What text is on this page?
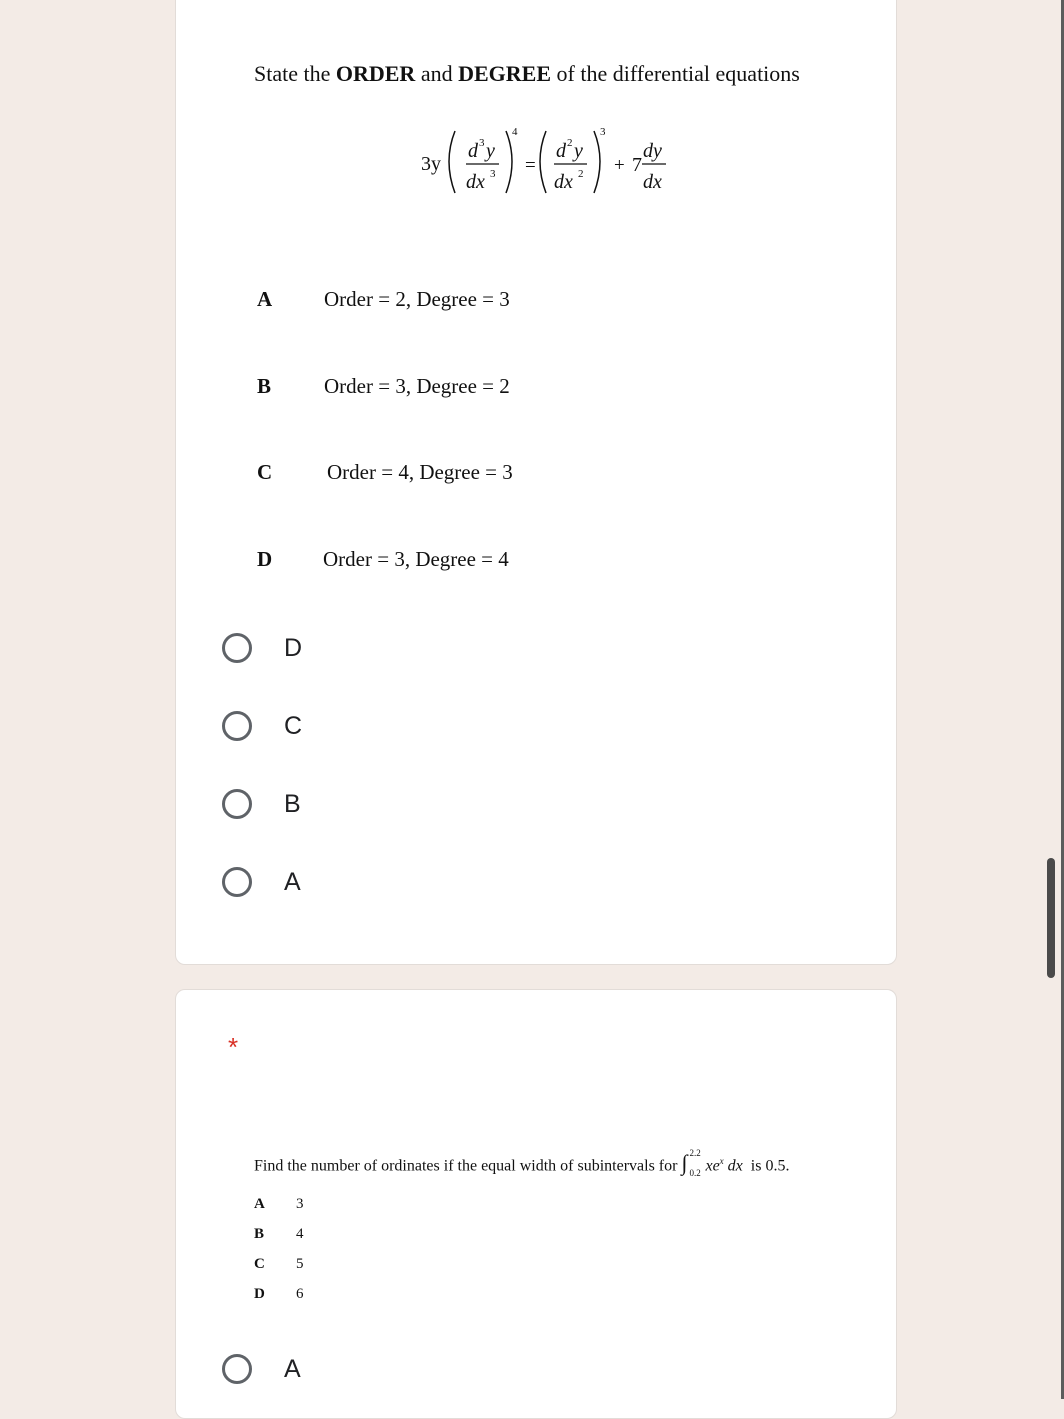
State the ORDER and DEGREE of the differential equations
3y
d 3 y
dx 3
4
=
d 2 y
dx 2
3
+ 7
dy
dx
A Order = 2, Degree = 3
B	Order = 3, Degree = 2
C	Order = 4, Degree = 3
D Order = 3, Degree = 4
D
C
B
A
*
Find the number of ordinates if the equal width of subintervals for ∫ 2.2
0.2 $xe^x$ dx is 0.5.
A 3
B 4
C 5
D 6
A
